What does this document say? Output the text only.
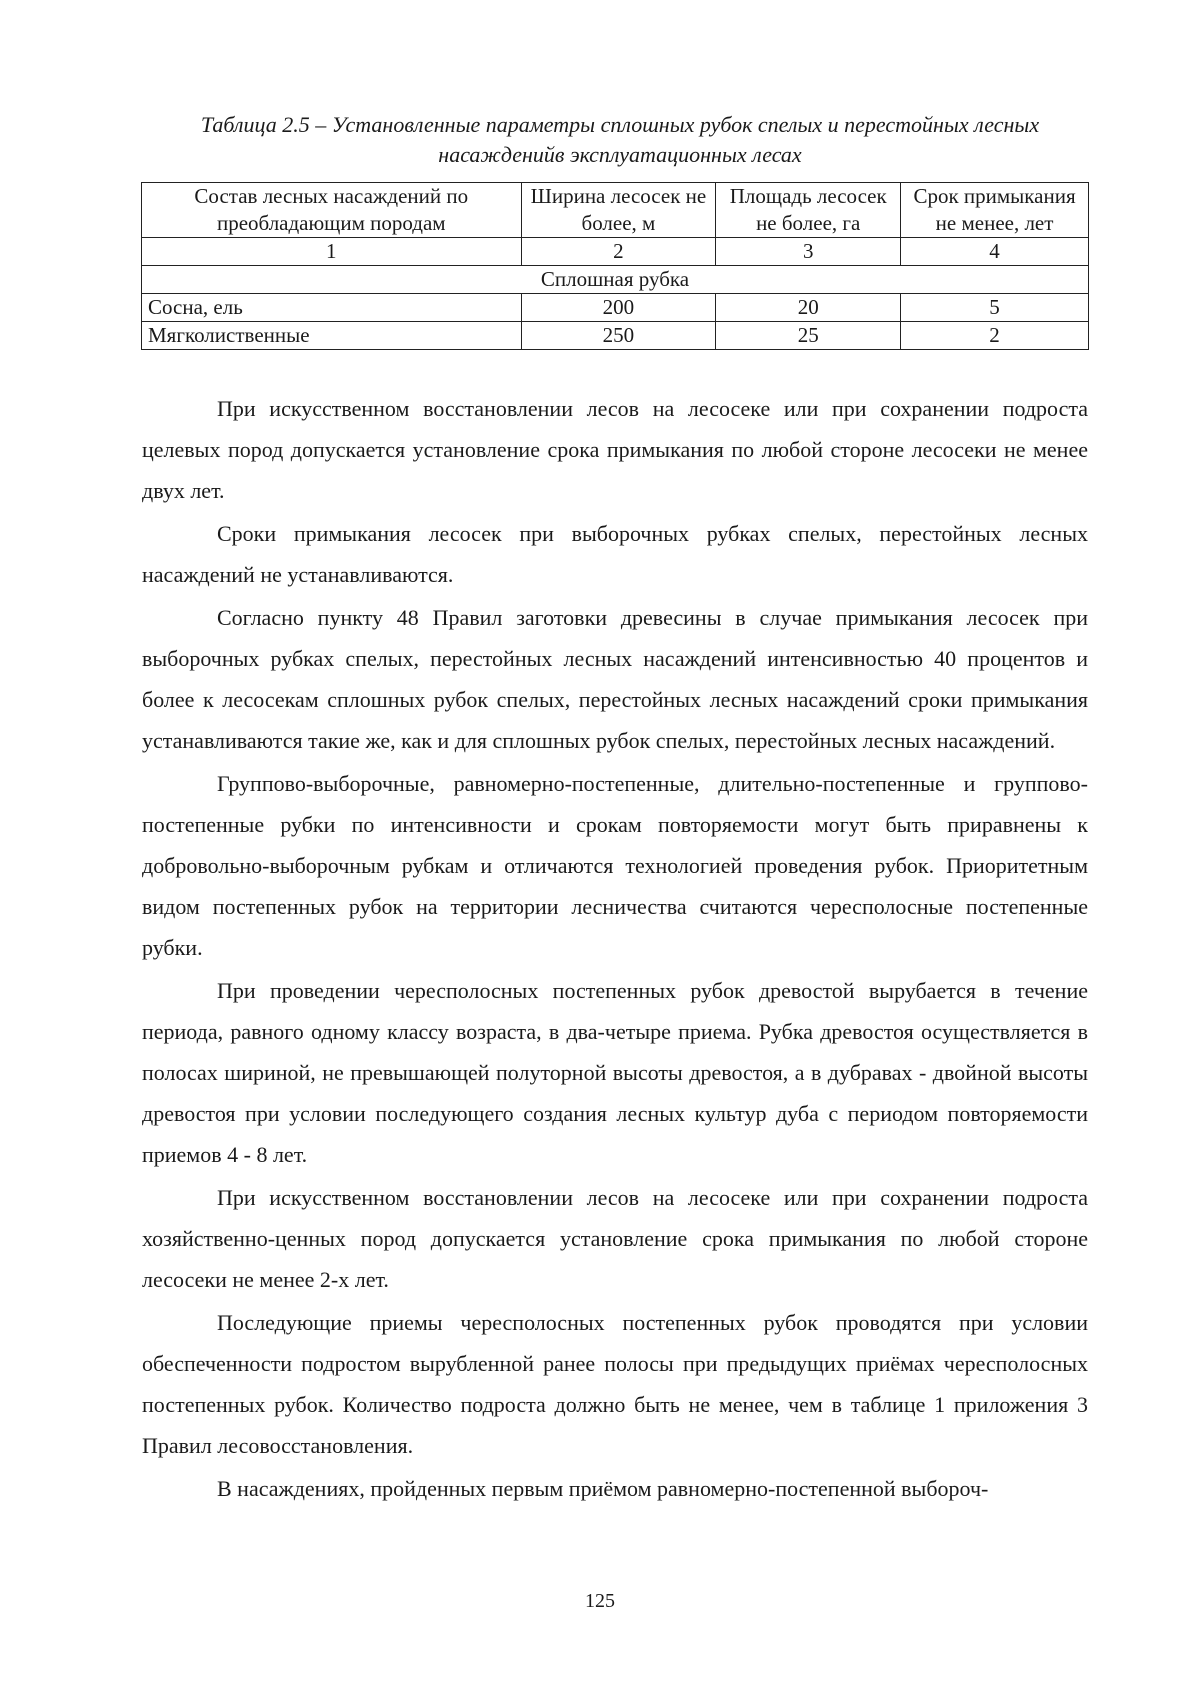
Таблица 2.5 – Установленные параметры сплошных рубок спелых и перестойных лесных насажденийв эксплуатационных лесах
Состав лесных насаждений по преобладающим породам	Ширина лесосек не более, м	Площадь лесосек не более, га	Срок примыкания не менее, лет
1	2	3	4
Сплошная рубка			
Сосна, ель	200	20	5
Мягколиственные	250	25	2

При искусственном восстановлении лесов на лесосеке или при сохранении подроста целевых пород допускается установление срока примыкания по любой стороне лесосеки не менее двух лет.

Сроки примыкания лесосек при выборочных рубках спелых, перестойных лесных насаждений не устанавливаются.

Согласно пункту 48 Правил заготовки древесины в случае примыкания лесосек при выборочных рубках спелых, перестойных лесных насаждений интенсивностью 40 процентов и более к лесосекам сплошных рубок спелых, перестойных лесных насаждений сроки примыкания устанавливаются такие же, как и для сплошных рубок спелых, перестойных лесных насаждений.

Группово-выборочные, равномерно-постепенные, длительно-постепенные и группово-постепенные рубки по интенсивности и срокам повторяемости могут быть приравнены к добровольно-выборочным рубкам и отличаются технологией проведения рубок. Приоритетным видом постепенных рубок на территории лесничества считаются чересполосные постепенные рубки.

При проведении чересполосных постепенных рубок древостой вырубается в течение периода, равного одному классу возраста, в два-четыре приема. Рубка древостоя осуществляется в полосах шириной, не превышающей полуторной высоты древостоя, а в дубравах - двойной высоты древостоя при условии последующего создания лесных культур дуба с периодом повторяемости приемов 4 - 8 лет.

При искусственном восстановлении лесов на лесосеке или при сохранении подроста хозяйственно-ценных пород допускается установление срока примыкания по любой стороне лесосеки не менее 2-х лет.

Последующие приемы чересполосных постепенных рубок проводятся при условии обеспеченности подростом вырубленной ранее полосы при предыдущих приёмах чересполосных постепенных рубок. Количество подроста должно быть не менее, чем в таблице 1 приложения 3 Правил лесовосстановления.

В насаждениях, пройденных первым приёмом равномерно-постепенной выбороч-

125
